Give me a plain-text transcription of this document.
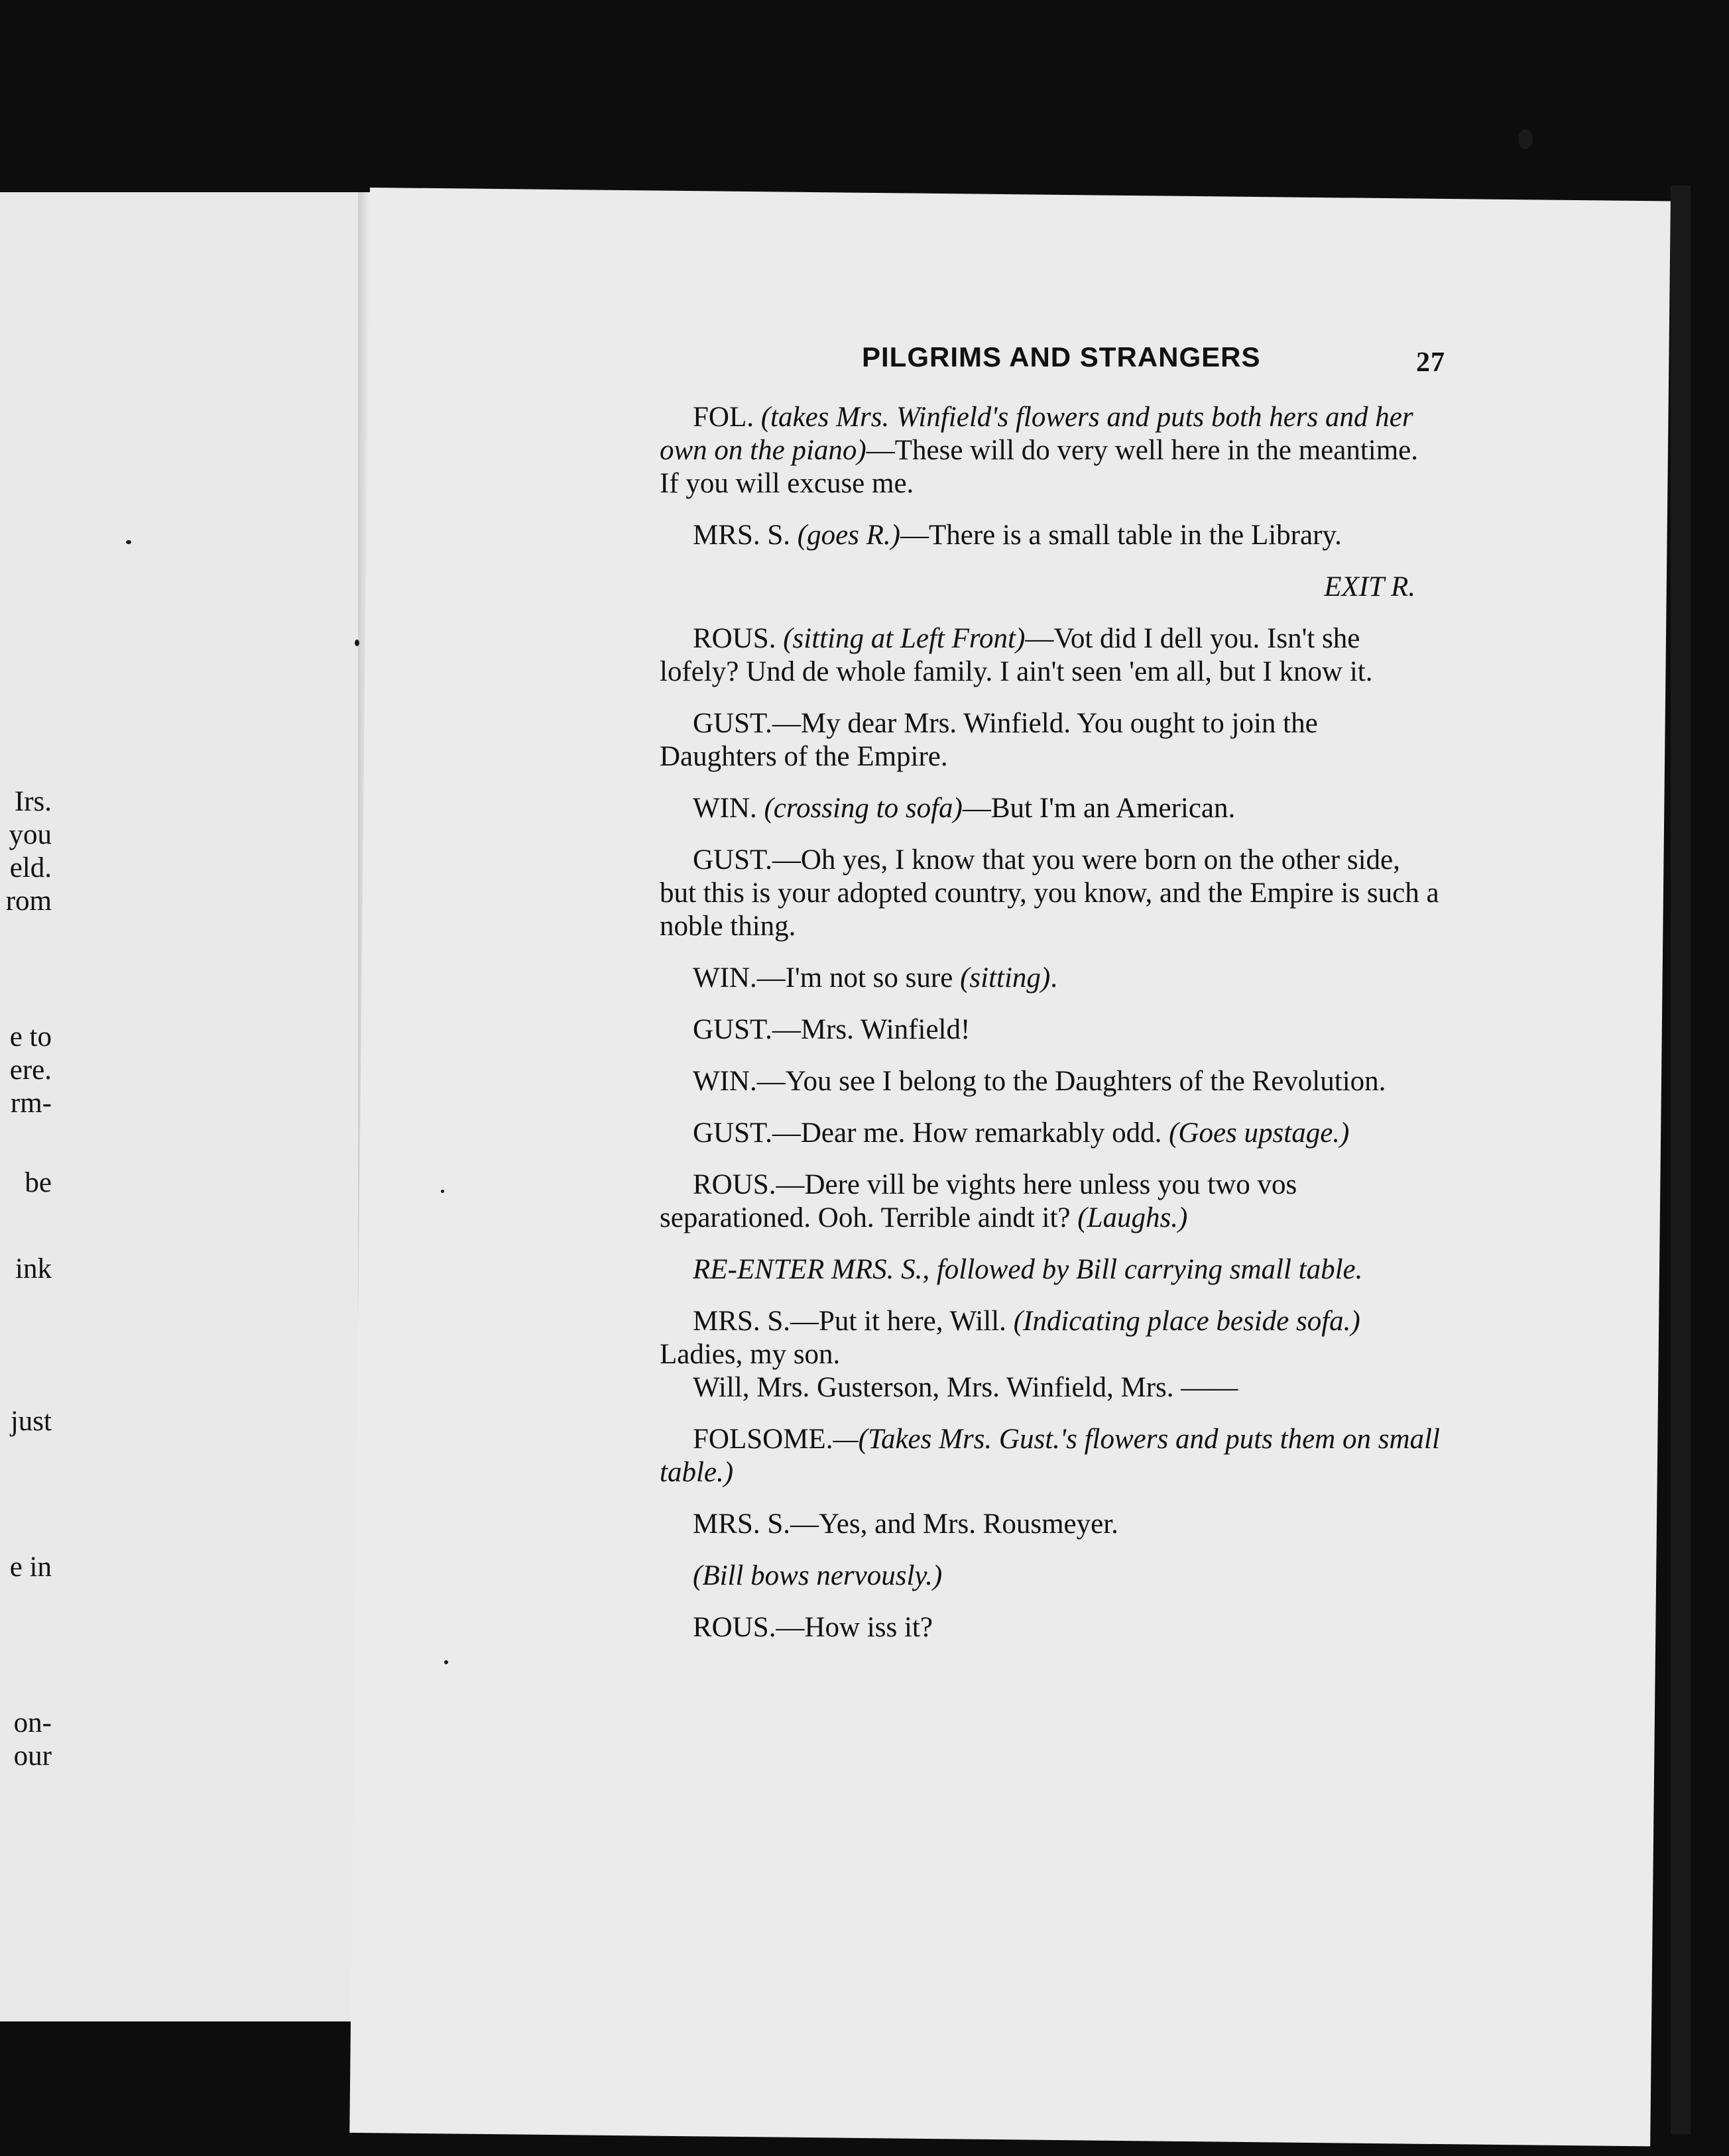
Irs.
you
eld.
rom
e to
ere.
rm-
be
ink
just
e in
on-
our
PILGRIMS AND STRANGERS	27

FOL. (takes Mrs. Winfield's flowers and puts both hers and her own on the piano)—These will do very well here in the meantime. If you will excuse me.

MRS. S. (goes R.)—There is a small table in the Library.

EXIT R.

ROUS. (sitting at Left Front)—Vot did I dell you. Isn't she lofely? Und de whole family. I ain't seen 'em all, but I know it.

GUST.—My dear Mrs. Winfield. You ought to join the Daughters of the Empire.

WIN. (crossing to sofa)—But I'm an American.

GUST.—Oh yes, I know that you were born on the other side, but this is your adopted country, you know, and the Empire is such a noble thing.

WIN.—I'm not so sure (sitting).

GUST.—Mrs. Winfield!

WIN.—You see I belong to the Daughters of the Revolution.

GUST.—Dear me. How remarkably odd. (Goes upstage.)

ROUS.—Dere vill be vights here unless you two vos separationed. Ooh. Terrible aindt it? (Laughs.)

RE-ENTER MRS. S., followed by Bill carrying small table.

MRS. S.—Put it here, Will. (Indicating place beside sofa.) Ladies, my son.

Will, Mrs. Gusterson, Mrs. Winfield, Mrs. ——

FOLSOME.—(Takes Mrs. Gust.'s flowers and puts them on small table.)

MRS. S.—Yes, and Mrs. Rousmeyer.

(Bill bows nervously.)

ROUS.—How iss it?
